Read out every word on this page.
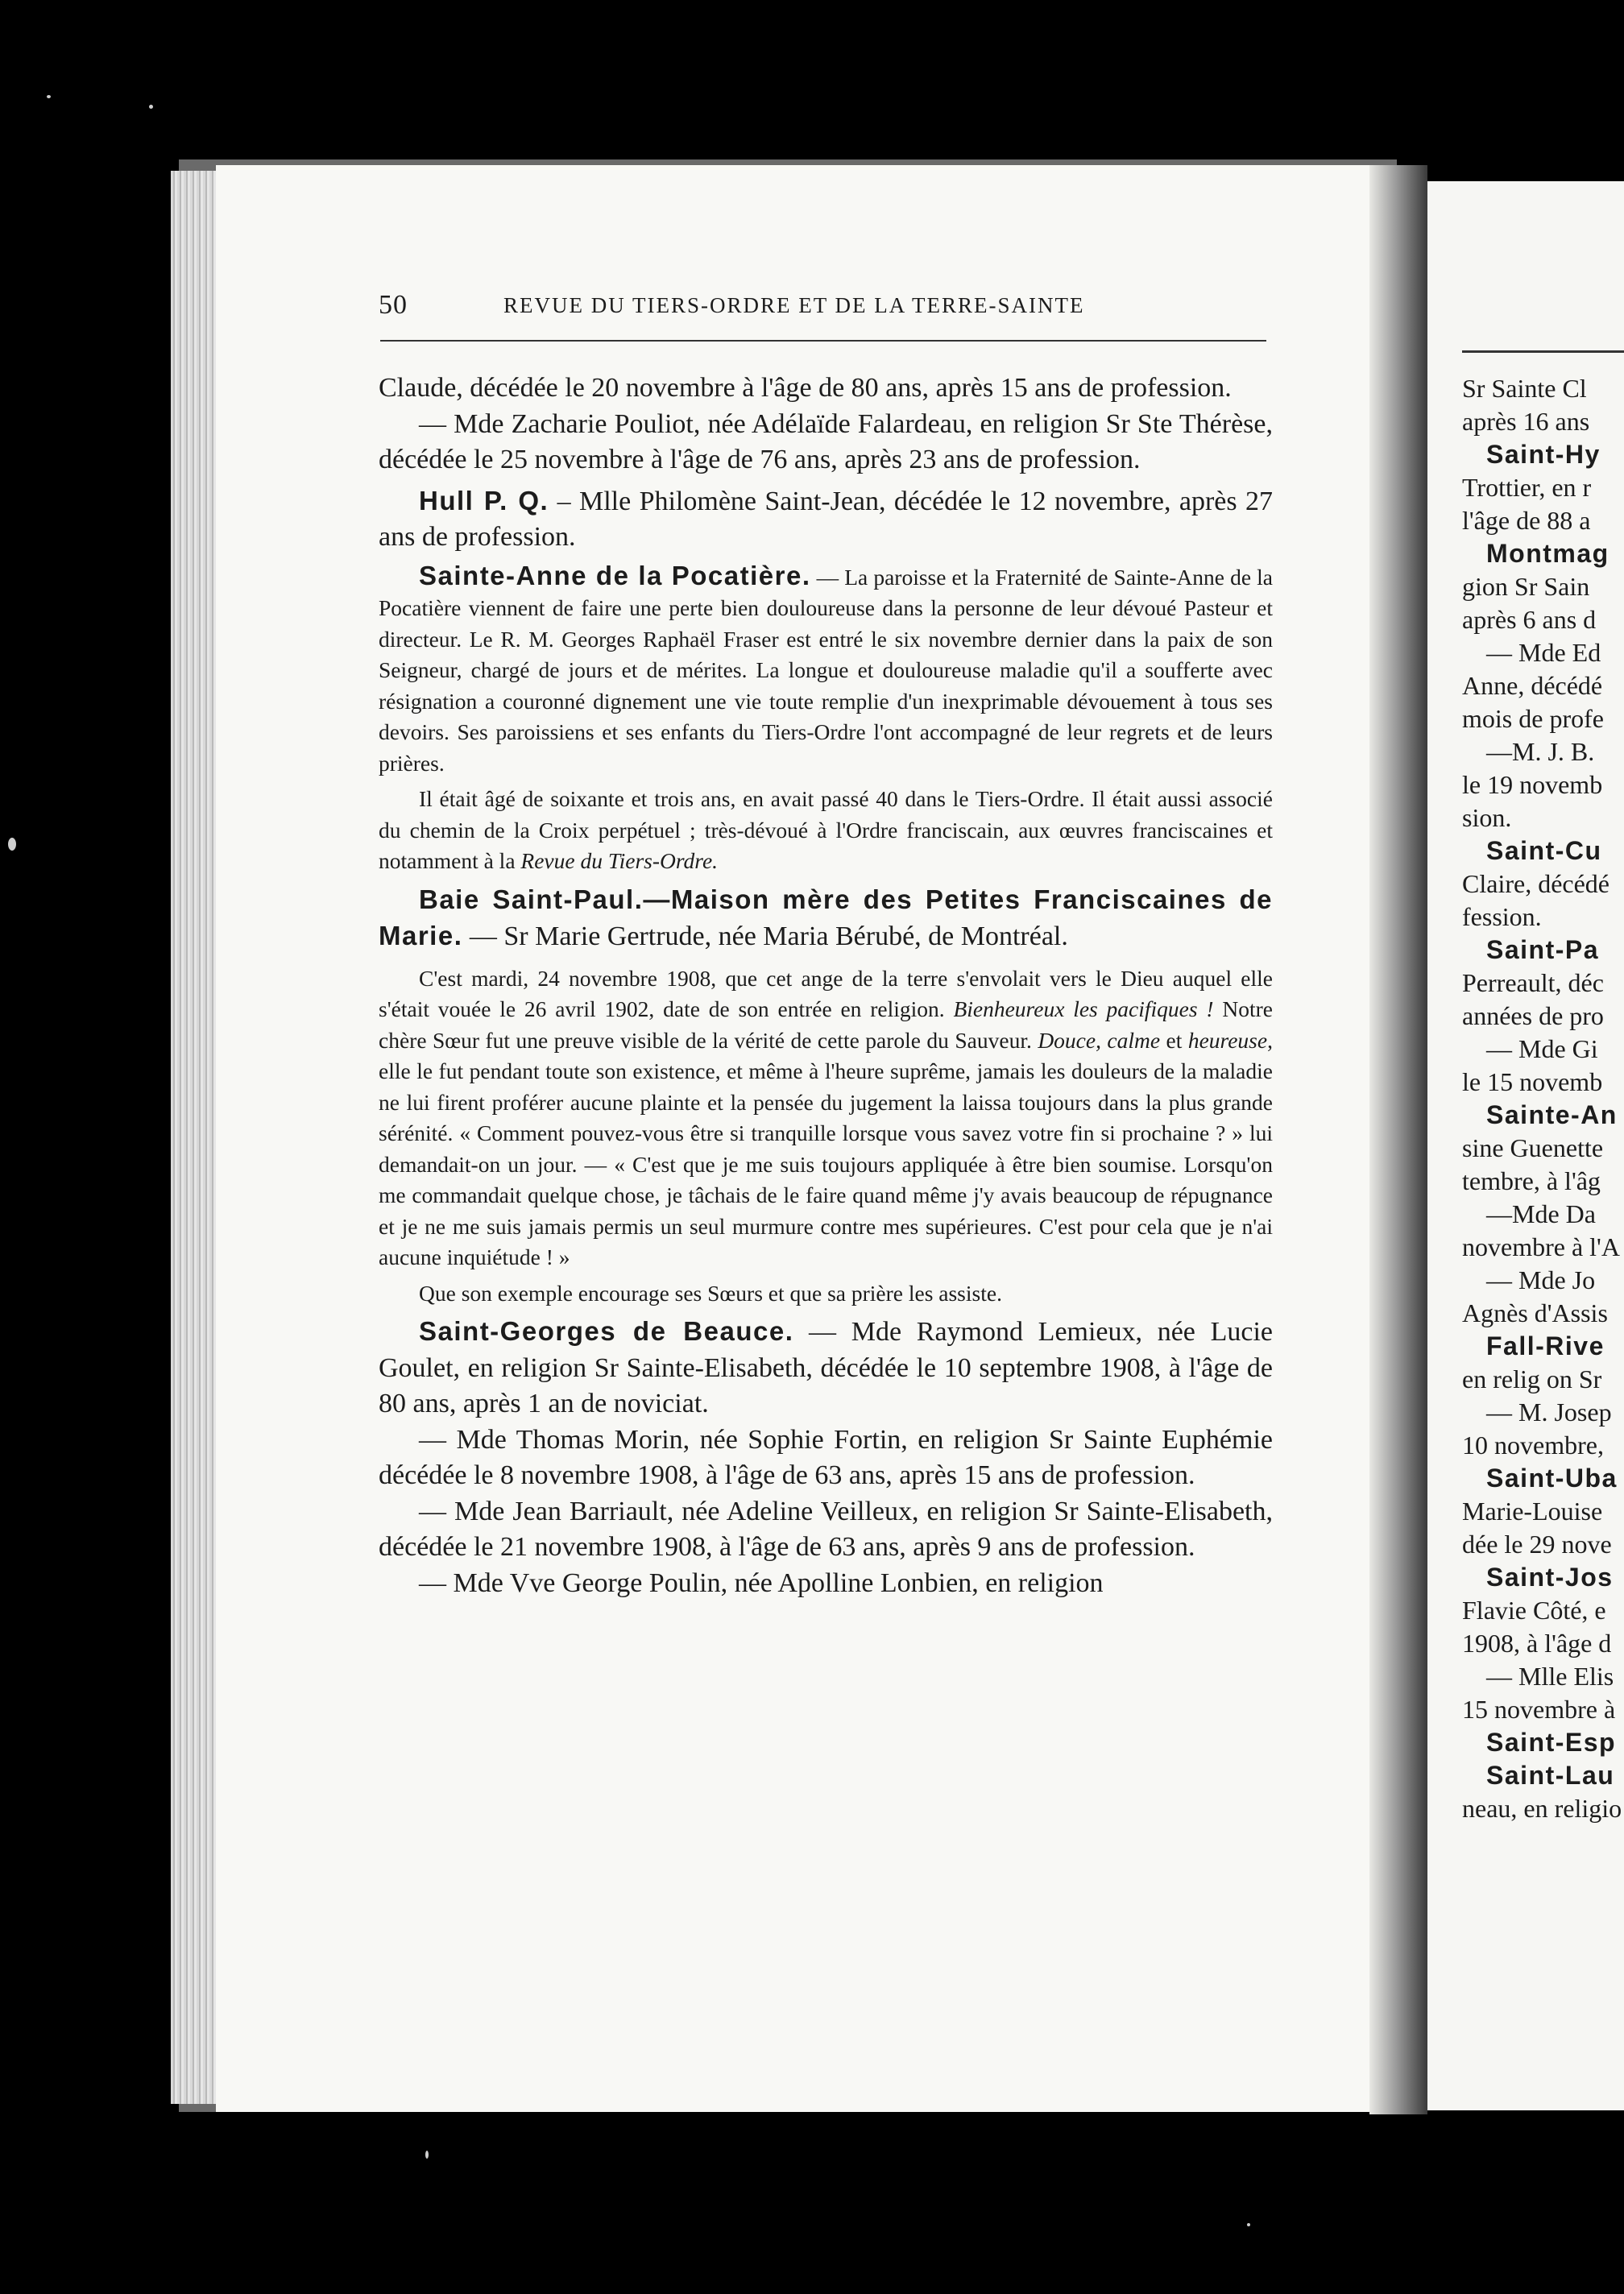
50	REVUE DU TIERS-ORDRE ET DE LA TERRE-SAINTE

Claude, décédée le 20 novembre à l'âge de 80 ans, après 15 ans de profession.

— Mde Zacharie Pouliot, née Adélaïde Falardeau, en religion Sr Ste Thérèse, décédée le 25 novembre à l'âge de 76 ans, après 23 ans de profession.

Hull P. Q. – Mlle Philomène Saint-Jean, décédée le 12 novembre, après 27 ans de profession.

Sainte-Anne de la Pocatière. — La paroisse et la Fraternité de Sainte-Anne de la Pocatière viennent de faire une perte bien douloureuse dans la personne de leur dévoué Pasteur et directeur. Le R. M. Georges Raphaël Fraser est entré le six novembre dernier dans la paix de son Seigneur, chargé de jours et de mérites. La longue et douloureuse maladie qu'il a soufferte avec résignation a couronné dignement une vie toute remplie d'un inexprimable dévouement à tous ses devoirs. Ses paroissiens et ses enfants du Tiers-Ordre l'ont accompagné de leur regrets et de leurs prières.

Il était âgé de soixante et trois ans, en avait passé 40 dans le Tiers-Ordre. Il était aussi associé du chemin de la Croix perpétuel ; très-dévoué à l'Ordre franciscain, aux œuvres franciscaines et notamment à la Revue du Tiers-Ordre.

Baie Saint-Paul.—Maison mère des Petites Franciscaines de Marie. — Sr Marie Gertrude, née Maria Bérubé, de Montréal.

C'est mardi, 24 novembre 1908, que cet ange de la terre s'envolait vers le Dieu auquel elle s'était vouée le 26 avril 1902, date de son entrée en religion. Bienheureux les pacifiques ! Notre chère Sœur fut une preuve visible de la vérité de cette parole du Sauveur. Douce, calme et heureuse, elle le fut pendant toute son existence, et même à l'heure suprême, jamais les douleurs de la maladie ne lui firent proférer aucune plainte et la pensée du jugement la laissa toujours dans la plus grande sérénité. « Comment pouvez-vous être si tranquille lorsque vous savez votre fin si prochaine ? » lui demandait-on un jour. — « C'est que je me suis toujours appliquée à être bien soumise. Lorsqu'on me commandait quelque chose, je tâchais de le faire quand même j'y avais beaucoup de répugnance et je ne me suis jamais permis un seul murmure contre mes supérieures. C'est pour cela que je n'ai aucune inquiétude ! »

Que son exemple encourage ses Sœurs et que sa prière les assiste.

Saint-Georges de Beauce. — Mde Raymond Lemieux, née Lucie Goulet, en religion Sr Sainte-Elisabeth, décédée le 10 septembre 1908, à l'âge de 80 ans, après 1 an de noviciat.

— Mde Thomas Morin, née Sophie Fortin, en religion Sr Sainte Euphémie décédée le 8 novembre 1908, à l'âge de 63 ans, après 15 ans de profession.

— Mde Jean Barriault, née Adeline Veilleux, en religion Sr Sainte-Elisabeth, décédée le 21 novembre 1908, à l'âge de 63 ans, après 9 ans de profession.

— Mde Vve George Poulin, née Apolline Lonbien, en religion

Sr Sainte Cl
après 16 ans
Saint-Hy
Trottier, en r
l'âge de 88 a
Montmag
gion Sr Sain
après 6 ans d
— Mde Ed
Anne, décédé
mois de profe
—M. J. B.
le 19 novemb
sion.
Saint-Cu
Claire, décédé
fession.
Saint-Pa
Perreault, déc
années de pro
— Mde Gi
le 15 novemb
Sainte-An
sine Guenette
tembre, à l'âg
—Mde Da
novembre à l'A
— Mde Jo
Agnès d'Assis
Fall-Rive
en relig on Sr
— M. Josep
10 novembre,
Saint-Uba
Marie-Louise
dée le 29 nove
Saint-Jos
Flavie Côté, e
1908, à l'âge d
— Mlle Elis
15 novembre à
Saint-Esp
Saint-Lau
neau, en religio
